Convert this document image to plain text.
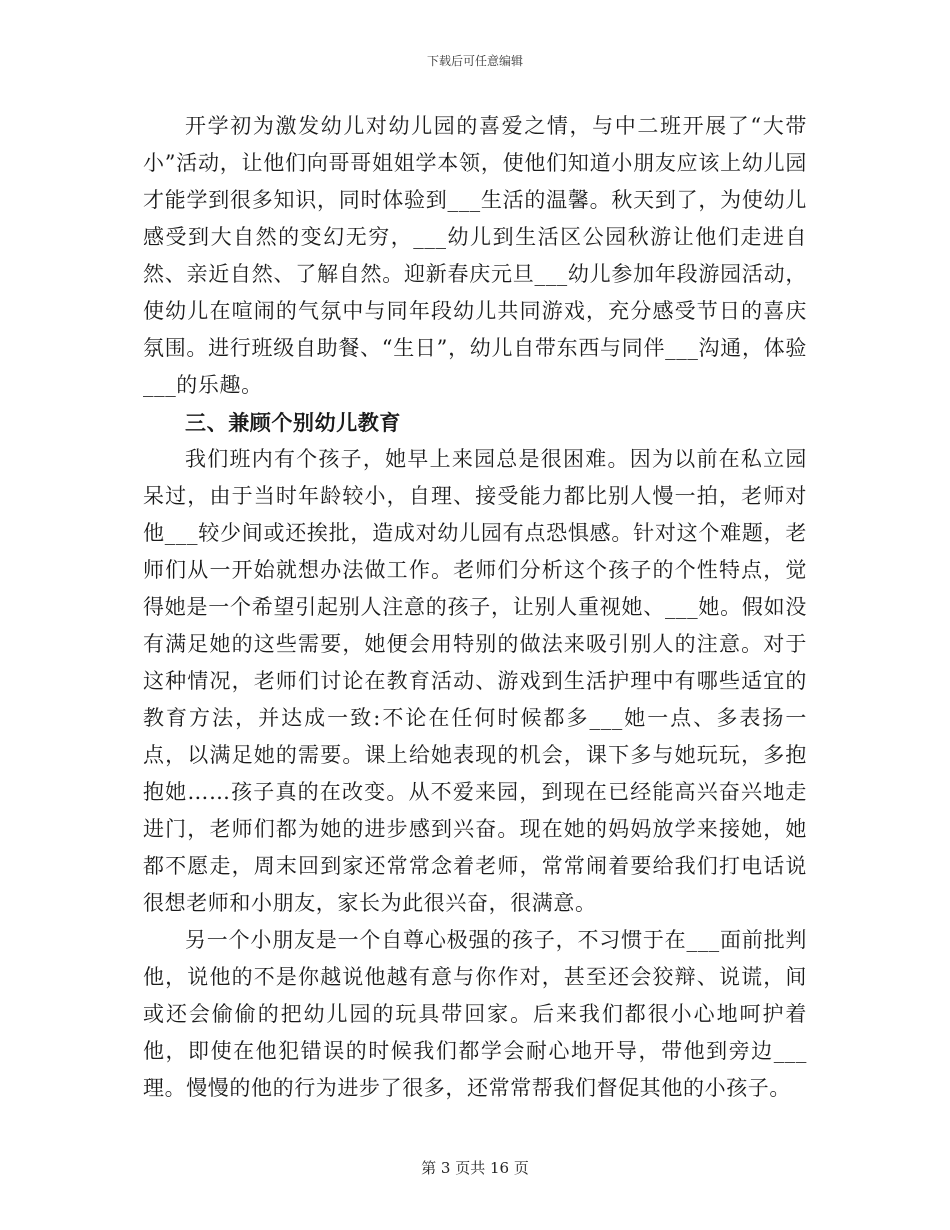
下载后可任意编辑

开学初为激发幼儿对幼儿园的喜爱之情，与中二班开展了“大带小”活动，让他们向哥哥姐姐学本领，使他们知道小朋友应该上幼儿园才能学到很多知识，同时体验到___生活的温馨。秋天到了，为使幼儿感受到大自然的变幻无穷，___幼儿到生活区公园秋游让他们走进自然、亲近自然、了解自然。迎新春庆元旦___幼儿参加年段游园活动，使幼儿在喧闹的气氛中与同年段幼儿共同游戏，充分感受节日的喜庆氛围。进行班级自助餐、“生日”，幼儿自带东西与同伴___沟通，体验___的乐趣。

三、兼顾个别幼儿教育

我们班内有个孩子，她早上来园总是很困难。因为以前在私立园呆过，由于当时年龄较小，自理、接受能力都比别人慢一拍，老师对他___较少间或还挨批，造成对幼儿园有点恐惧感。针对这个难题，老师们从一开始就想办法做工作。老师们分析这个孩子的个性特点，觉得她是一个希望引起别人注意的孩子，让别人重视她、___她。假如没有满足她的这些需要，她便会用特别的做法来吸引别人的注意。对于这种情况，老师们讨论在教育活动、游戏到生活护理中有哪些适宜的教育方法，并达成一致:不论在任何时候都多___她一点、多表扬一点，以满足她的需要。课上给她表现的机会，课下多与她玩玩，多抱抱她……孩子真的在改变。从不爱来园，到现在已经能高兴奋兴地走进门，老师们都为她的进步感到兴奋。现在她的妈妈放学来接她，她都不愿走，周末回到家还常常念着老师，常常闹着要给我们打电话说很想老师和小朋友，家长为此很兴奋，很满意。

另一个小朋友是一个自尊心极强的孩子，不习惯于在___面前批判他，说他的不是你越说他越有意与你作对，甚至还会狡辩、说谎，间或还会偷偷的把幼儿园的玩具带回家。后来我们都很小心地呵护着他，即使在他犯错误的时候我们都学会耐心地开导，带他到旁边___理。慢慢的他的行为进步了很多，还常常帮我们督促其他的小孩子。

第 3 页共 16 页
